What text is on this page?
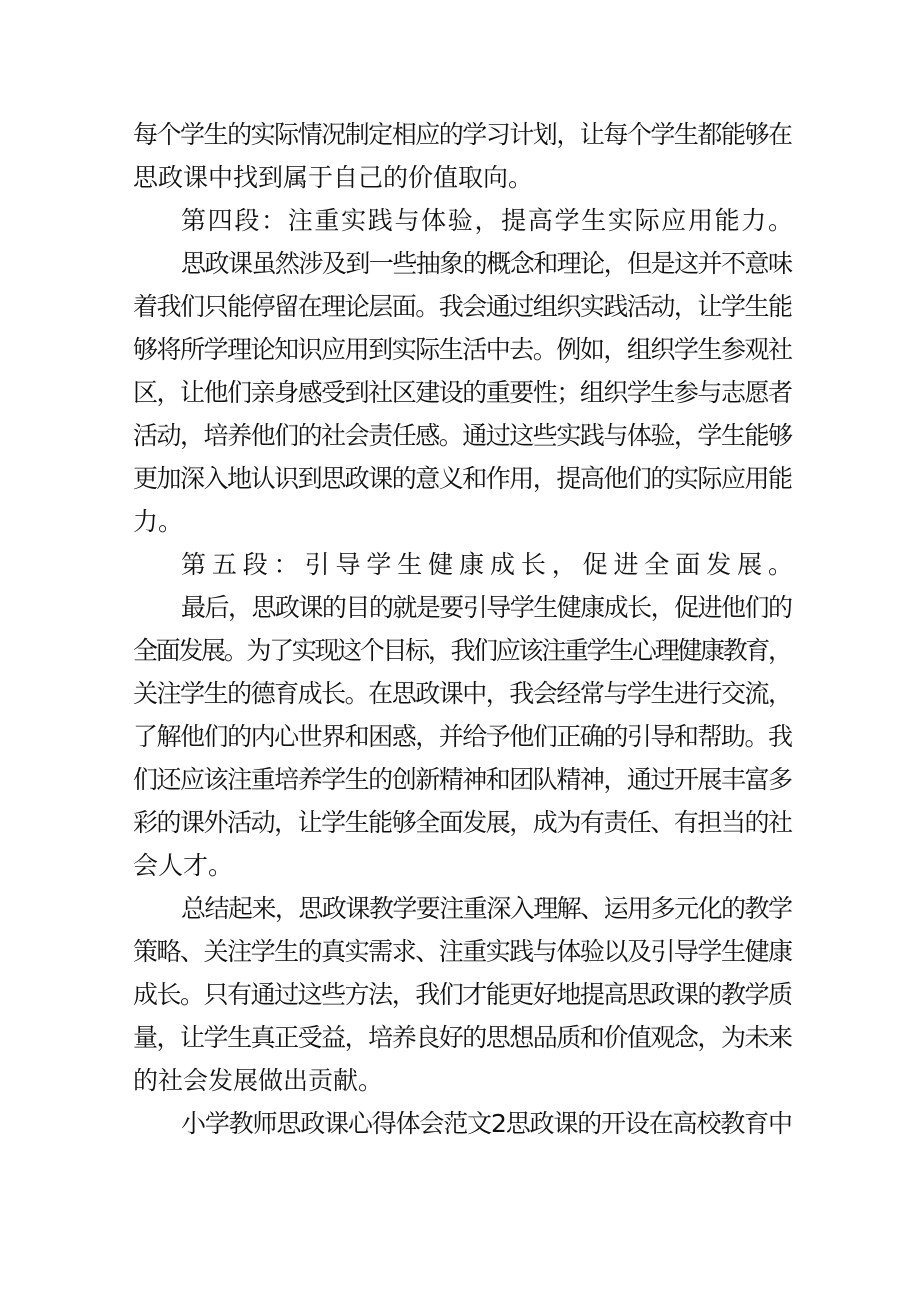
每个学生的实际情况制定相应的学习计划，让每个学生都能够在
思政课中找到属于自己的价值取向。
第四段：注重实践与体验，提高学生实际应用能力。
思政课虽然涉及到一些抽象的概念和理论，但是这并不意味
着我们只能停留在理论层面。我会通过组织实践活动，让学生能
够将所学理论知识应用到实际生活中去。例如，组织学生参观社
区，让他们亲身感受到社区建设的重要性；组织学生参与志愿者
活动，培养他们的社会责任感。通过这些实践与体验，学生能够
更加深入地认识到思政课的意义和作用，提高他们的实际应用能
力。
第五段：引导学生健康成长，促进全面发展。
最后，思政课的目的就是要引导学生健康成长，促进他们的
全面发展。为了实现这个目标，我们应该注重学生心理健康教育，
关注学生的德育成长。在思政课中，我会经常与学生进行交流，
了解他们的内心世界和困惑，并给予他们正确的引导和帮助。我
们还应该注重培养学生的创新精神和团队精神，通过开展丰富多
彩的课外活动，让学生能够全面发展，成为有责任、有担当的社
会人才。
总结起来，思政课教学要注重深入理解、运用多元化的教学
策略、关注学生的真实需求、注重实践与体验以及引导学生健康
成长。只有通过这些方法，我们才能更好地提高思政课的教学质
量，让学生真正受益，培养良好的思想品质和价值观念，为未来
的社会发展做出贡献。
小学教师思政课心得体会范文2思政课的开设在高校教育中
